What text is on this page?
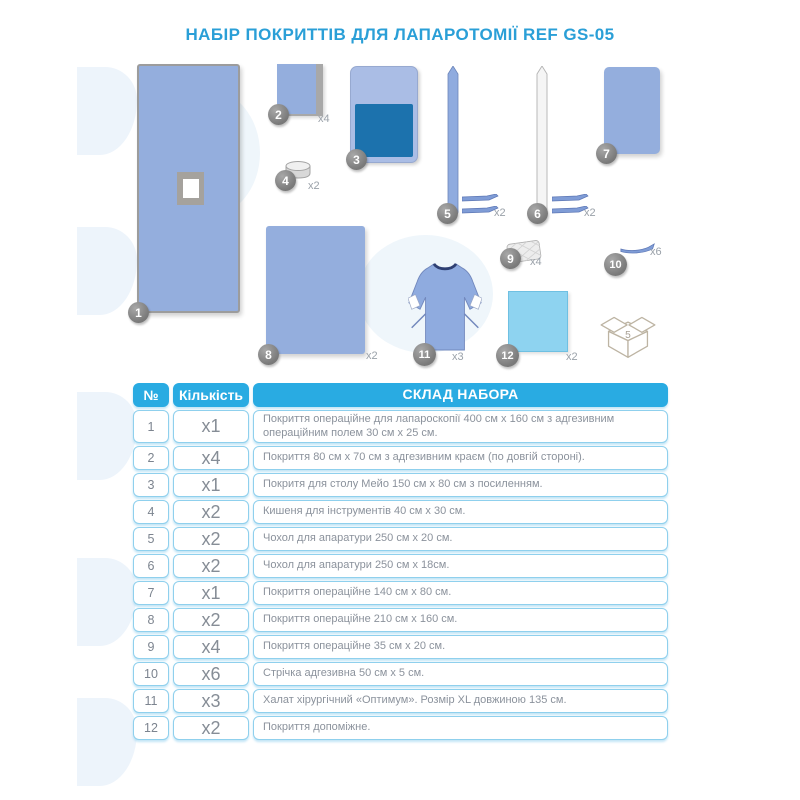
НАБІР ПОКРИТТІВ ДЛЯ ЛАПАРОТОМІЇ REF GS-05
5
1
2
3
4
5	6
7
8
9	10
11	12
x4
x2
x2	x2
x2
x4
x6
x3	x2
№	Кількість	СКЛАД НАБОРА
1	x1	Покриття операційне для лапароскопії 400 см х 160 см з адгезивним операційним полем 30 см х 25 см.
2	x4	Покриття 80 см х 70 см з адгезивним краєм (по довгій стороні).
3	x1	Покритя для столу Мейо 150 см х 80 см з посиленням.
4	x2	Кишеня для інструментів 40 см х 30 см.
5	x2	Чохол для апаратури 250 см х 20 см.
6	x2	Чохол для апаратури 250 см х 18см.
7	x1	Покриття операційне 140 см х 80 см.
8	x2	Покриття операційне 210 см х 160 см.
9	x4	Покриття операційне 35 см х 20 см.
10	x6	Стрічка адгезивна 50 см х 5 см.
11	x3	Халат хірургічний «Оптимум». Розмір XL довжиною 135 см.
12	x2	Покриття допоміжне.
